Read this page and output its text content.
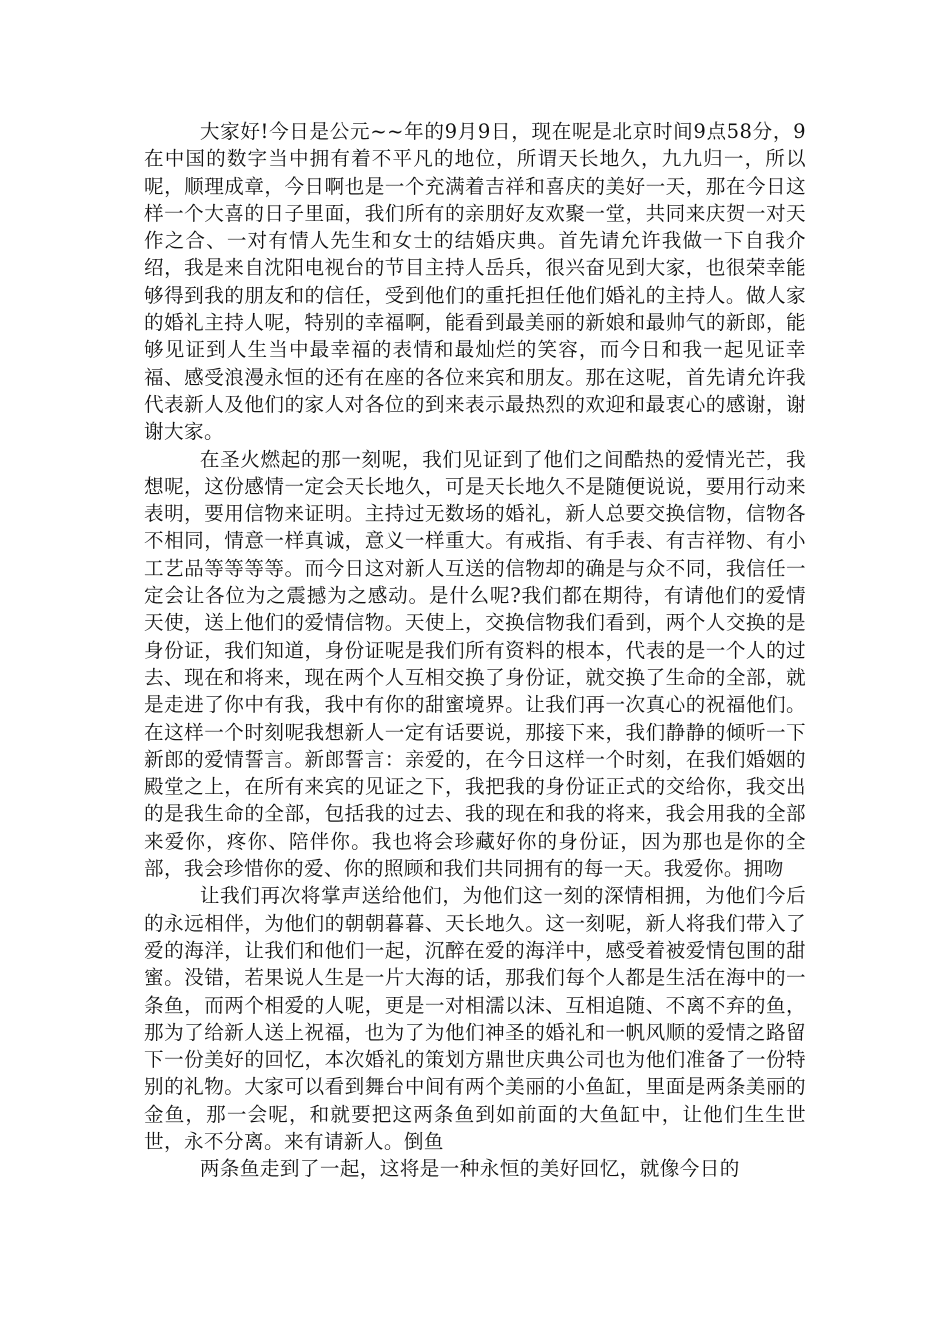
大家好!今日是公元~~年的9月9日，现在呢是北京时间9点58分，9在中国的数字当中拥有着不平凡的地位，所谓天长地久，九九归一，所以呢，顺理成章，今日啊也是一个充满着吉祥和喜庆的美好一天，那在今日这样一个大喜的日子里面，我们所有的亲朋好友欢聚一堂，共同来庆贺一对天作之合、一对有情人先生和女士的结婚庆典。首先请允许我做一下自我介绍，我是来自沈阳电视台的节目主持人岳兵，很兴奋见到大家，也很荣幸能够得到我的朋友和的信任，受到他们的重托担任他们婚礼的主持人。做人家的婚礼主持人呢，特别的幸福啊，能看到最美丽的新娘和最帅气的新郎，能够见证到人生当中最幸福的表情和最灿烂的笑容，而今日和我一起见证幸福、感受浪漫永恒的还有在座的各位来宾和朋友。那在这呢，首先请允许我代表新人及他们的家人对各位的到来表示最热烈的欢迎和最衷心的感谢，谢谢大家。

在圣火燃起的那一刻呢，我们见证到了他们之间酷热的爱情光芒，我想呢，这份感情一定会天长地久，可是天长地久不是随便说说，要用行动来表明，要用信物来证明。主持过无数场的婚礼，新人总要交换信物，信物各不相同，情意一样真诚，意义一样重大。有戒指、有手表、有吉祥物、有小工艺品等等等等。而今日这对新人互送的信物却的确是与众不同，我信任一定会让各位为之震撼为之感动。是什么呢?我们都在期待，有请他们的爱情天使，送上他们的爱情信物。天使上，交换信物我们看到，两个人交换的是身份证，我们知道，身份证呢是我们所有资料的根本，代表的是一个人的过去、现在和将来，现在两个人互相交换了身份证，就交换了生命的全部，就是走进了你中有我，我中有你的甜蜜境界。让我们再一次真心的祝福他们。在这样一个时刻呢我想新人一定有话要说，那接下来，我们静静的倾听一下新郎的爱情誓言。新郎誓言：亲爱的，在今日这样一个时刻，在我们婚姻的殿堂之上，在所有来宾的见证之下，我把我的身份证正式的交给你，我交出的是我生命的全部，包括我的过去、我的现在和我的将来，我会用我的全部来爱你，疼你、陪伴你。我也将会珍藏好你的身份证，因为那也是你的全部，我会珍惜你的爱、你的照顾和我们共同拥有的每一天。我爱你。拥吻

让我们再次将掌声送给他们，为他们这一刻的深情相拥，为他们今后的永远相伴，为他们的朝朝暮暮、天长地久。这一刻呢，新人将我们带入了爱的海洋，让我们和他们一起，沉醉在爱的海洋中，感受着被爱情包围的甜蜜。没错，若果说人生是一片大海的话，那我们每个人都是生活在海中的一条鱼，而两个相爱的人呢，更是一对相濡以沫、互相追随、不离不弃的鱼，那为了给新人送上祝福，也为了为他们神圣的婚礼和一帆风顺的爱情之路留下一份美好的回忆，本次婚礼的策划方鼎世庆典公司也为他们准备了一份特别的礼物。大家可以看到舞台中间有两个美丽的小鱼缸，里面是两条美丽的金鱼，那一会呢，和就要把这两条鱼到如前面的大鱼缸中，让他们生生世世，永不分离。来有请新人。倒鱼

两条鱼走到了一起，这将是一种永恒的美好回忆，就像今日的
